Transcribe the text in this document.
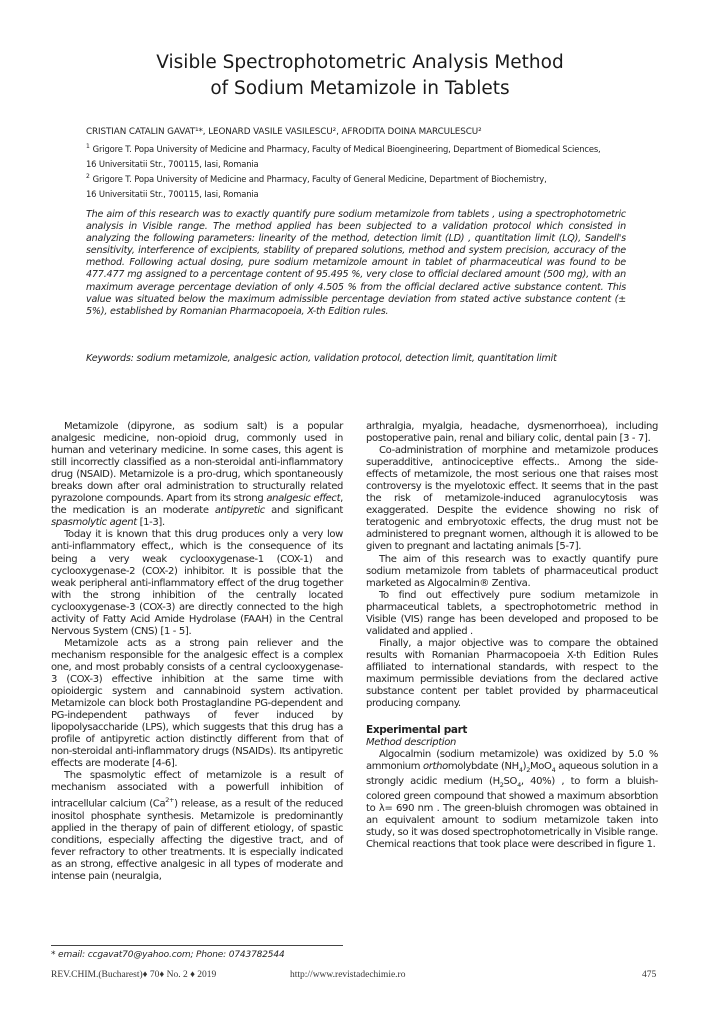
Visible Spectrophotometric Analysis Method
of Sodium Metamizole in Tablets
CRISTIAN CATALIN GAVAT¹*, LEONARD VASILE VASILESCU², AFRODITA DOINA MARCULESCU²
$^1$ Grigore T. Popa University of Medicine and Pharmacy, Faculty of Medical Bioengineering, Department of Biomedical Sciences,
16 Universitatii Str., 700115, Iasi, Romania
$^2$ Grigore T. Popa University of Medicine and Pharmacy, Faculty of General Medicine, Department of Biochemistry,
16 Universitatii Str., 700115, Iasi, Romania
The aim of this research was to exactly quantify pure sodium metamizole from tablets , using a spectrophotometric analysis in Visible range. The method applied has been subjected to a validation protocol which consisted in analyzing the following parameters: linearity of the method, detection limit (LD) , quantitation limit (LQ), Sandell's sensitivity, interference of excipients, stability of prepared solutions, method and system precision, accuracy of the method. Following actual dosing, pure sodium metamizole amount in tablet of pharmaceutical was found to be 477.477 mg assigned to a percentage content of 95.495 %, very close to official declared amount (500 mg), with an maximum average percentage deviation of only 4.505 % from the official declared active substance content. This value was situated below the maximum admissible percentage deviation from stated active substance content (± 5%), established by Romanian Pharmacopoeia, X-th Edition rules.
Keywords: sodium metamizole, analgesic action, validation protocol, detection limit, quantitation limit

Metamizole (dipyrone, as sodium salt) is a popular analgesic medicine, non-opioid drug, commonly used in human and veterinary medicine. In some cases, this agent is still incorrectly classified as a non-steroidal anti-inflammatory drug (NSAID). Metamizole is a pro-drug, which spontaneously breaks down after oral administration to structurally related pyrazolone compounds. Apart from its strong analgesic effect, the medication is an moderate antipyretic and significant spasmolytic agent [1-3].

Today it is known that this drug produces only a very low anti-inflammatory effect,, which is the consequence of its being a very weak cyclooxygenase-1 (COX-1) and cyclooxygenase-2 (COX-2) inhibitor. It is possible that the weak peripheral anti-inflammatory effect of the drug together with the strong inhibition of the centrally located cyclooxygenase-3 (COX-3) are directly connected to the high activity of Fatty Acid Amide Hydrolase (FAAH) in the Central Nervous System (CNS) [1 - 5].

Metamizole acts as a strong pain reliever and the mechanism responsible for the analgesic effect is a complex one, and most probably consists of a central cyclooxygenase-3 (COX-3) effective inhibition at the same time with opioidergic system and cannabinoid system activation. Metamizole can block both Prostaglandine PG-dependent and PG-independent pathways of fever induced by lipopolysaccharide (LPS), which suggests that this drug has a profile of antipyretic action distinctly different from that of non-steroidal anti-inflammatory drugs (NSAIDs). Its antipyretic effects are moderate [4-6].

The spasmolytic effect of metamizole is a result of mechanism associated with a powerfull inhibition of intracellular calcium $(Ca^{2+})$ release, as a result of the reduced inositol phosphate synthesis. Metamizole is predominantly applied in the therapy of pain of different etiology, of spastic conditions, especially affecting the digestive tract, and of fever refractory to other treatments. It is especially indicated as an strong, effective analgesic in all types of moderate and intense pain (neuralgia,

arthralgia, myalgia, headache, dysmenorrhoea), including postoperative pain, renal and biliary colic, dental pain [3 - 7].

Co-administration of morphine and metamizole produces superadditive, antinociceptive effects.. Among the side-effects of metamizole, the most serious one that raises most controversy is the myelotoxic effect. It seems that in the past the risk of metamizole-induced agranulocytosis was exaggerated. Despite the evidence showing no risk of teratogenic and embryotoxic effects, the drug must not be administered to pregnant women, although it is allowed to be given to pregnant and lactating animals [5-7].

The aim of this research was to exactly quantify pure sodium metamizole from tablets of pharmaceutical product marketed as Algocalmin® Zentiva.

To find out effectively pure sodium metamizole in pharmaceutical tablets, a spectrophotometric method in Visible (VIS) range has been developed and proposed to be validated and applied .

Finally, a major objective was to compare the obtained results with Romanian Pharmacopoeia X-th Edition Rules affiliated to international standards, with respect to the maximum permissible deviations from the declared active substance content per tablet provided by pharmaceutical producing company.

Experimental part
Method description

Algocalmin (sodium metamizole) was oxidized by 5.0 % ammonium orthomolybdate $(NH_4)_2MoO_4$ aqueous solution in a strongly acidic medium ($H_2SO_4$, 40%) , to form a bluish-colored green compound that showed a maximum absorbtion to λ= 690 nm . The green-bluish chromogen was obtained in an equivalent amount to sodium metamizole taken into study, so it was dosed spectrophotometrically in Visible range. Chemical reactions that took place were described in figure 1.

* email: ccgavat70@yahoo.com; Phone: 0743782544
REV.CHIM.(Bucharest)♦ 70♦ No. 2 ♦ 2019	http://www.revistadechimie.ro	475
